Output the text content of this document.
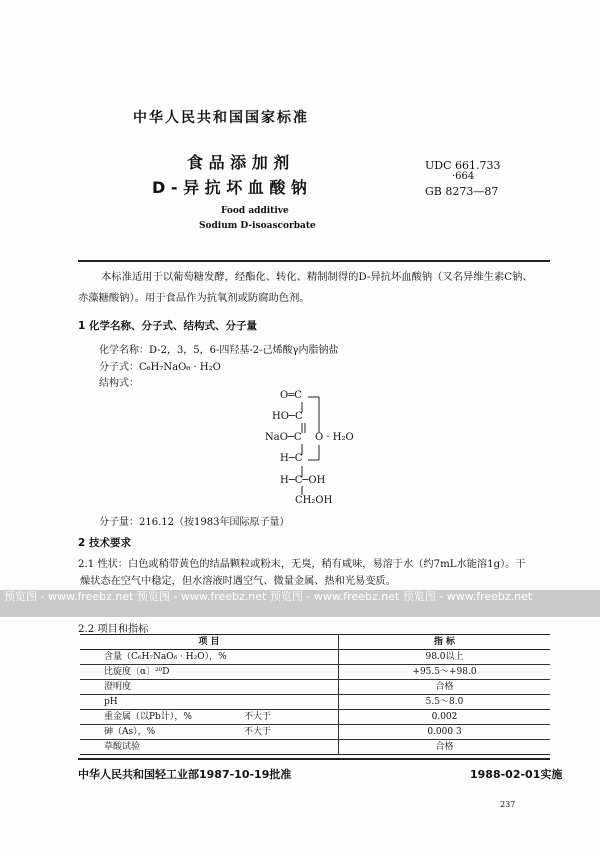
中华人民共和国国家标准
食 品 添 加 剂
D - 异 抗 坏 血 酸 钠
UDC 661.733
·664
GB 8273—87
Food additive
Sodium D-isoascorbate
本标准适用于以葡萄糖发酵，经酯化、转化、精制制得的D-异抗坏血酸钠（又名异维生素C钠、
赤藻糖酸钠）。用于食品作为抗氧剂或防腐助色剂。
1 化学名称、分子式、结构式、分子量
化学名称：D-2，3，5，6-四羟基-2-己烯酸γ内脂钠盐
分子式：C₆H₇NaO₆ · H₂O
结构式：
O═C
HO─C
NaO─C O · H₂O
H─C
H─C─OH
CH₂OH
分子量：216.12（按1983年国际原子量）
2 技术要求
2.1 性状：白色或稍带黄色的结晶颗粒或粉末，无臭，稍有咸味，易溶于水（约7mL水能溶1g）。干
燥状态在空气中稳定，但水溶液时遇空气、微量金属、热和光易变质。
预览图 - www.freebz.net 预览图 - www.freebz.net 预览图 - www.freebz.net 预览图 - www.freebz.net
2.2 项目和指标
项 目		指 标
含量（C₆H₇NaO₆ · H₂O），%		98.0以上
比旋度〔α〕²⁰D		+95.5～+98.0
澄明度		合格
pH		5.5～8.0
重金属（以Pb计），%	不大于	0.002
砷（As），%	不大于	0.000 3
草酸试验		合格
中华人民共和国轻工业部1987-10-19批准	1988-02-01实施
237
